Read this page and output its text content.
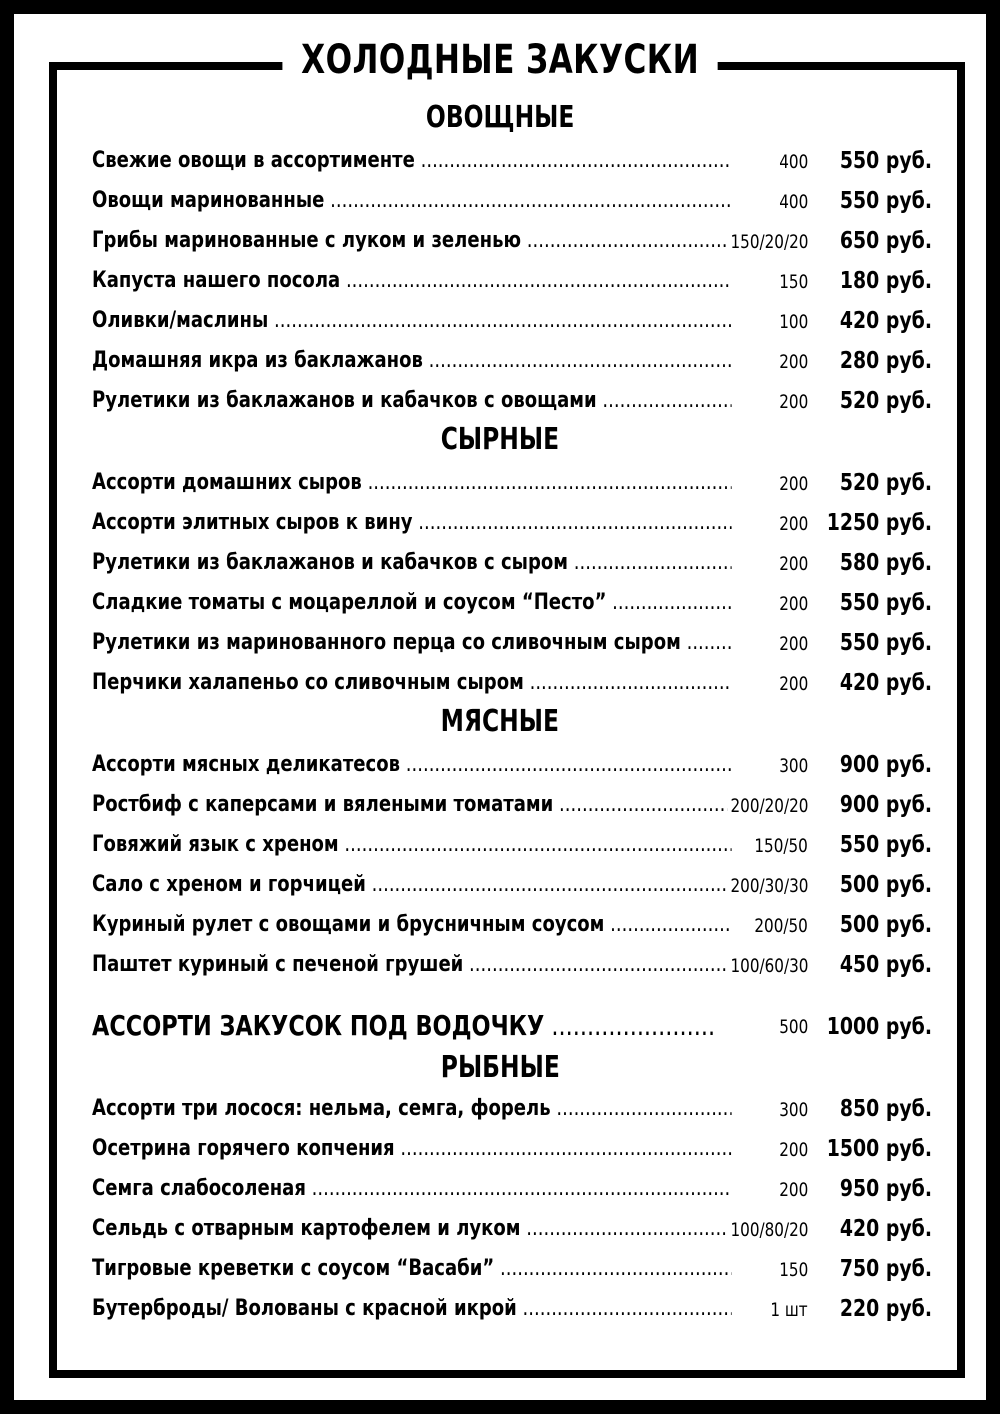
ХОЛОДНЫЕ ЗАКУСКИ
ОВОЩНЫЕ
Свежие овощи в ассортименте .....	400	550 руб.
Овощи маринованные .....	400	550 руб.
Грибы маринованные с луком и зеленью .....	150/20/20	650 руб.
Капуста нашего посола .....	150	180 руб.
Оливки/маслины .....	100	420 руб.
Домашняя икра из баклажанов .....	200	280 руб.
Рулетики из баклажанов и кабачков с овощами .....	200	520 руб.
СЫРНЫЕ
Ассорти домашних сыров .....	200	520 руб.
Ассорти элитных сыров к вину .....	200 1250 руб.
Рулетики из баклажанов и кабачков с сыром .....	200	580 руб.
Сладкие томаты с моцареллой и соусом “Песто” .....	200	550 руб.
Рулетики из маринованного перца со сливочным сыром .....	200	550 руб.
Перчики халапеньо со сливочным сыром .....	200	420 руб.
МЯСНЫЕ
Ассорти мясных деликатесов .....	300	900 руб.
Ростбиф с каперсами и вялеными томатами .....	200/20/20	900 руб.
Говяжий язык с хреном .....	150/50	550 руб.
Сало с хреном и горчицей .....	200/30/30	500 руб.
Куриный рулет с овощами и брусничным соусом .....	200/50	500 руб.
Паштет куриный с печеной грушей .....	100/60/30	450 руб.
АССОРТИ ЗАКУСОК ПОД ВОДОЧКУ .....	500 1000 руб.
РЫБНЫЕ
Ассорти три лосося: нельма, семга, форель .....	300	850 руб.
Осетрина горячего копчения .....	200 1500 руб.
Семга слабосоленая .....	200	950 руб.
Сельдь с отварным картофелем и луком .....	100/80/20	420 руб.
Тигровые креветки с соусом “Васаби” .....	150	750 руб.
Бутерброды/ Волованы с красной икрой .....	1 шт	220 руб.
